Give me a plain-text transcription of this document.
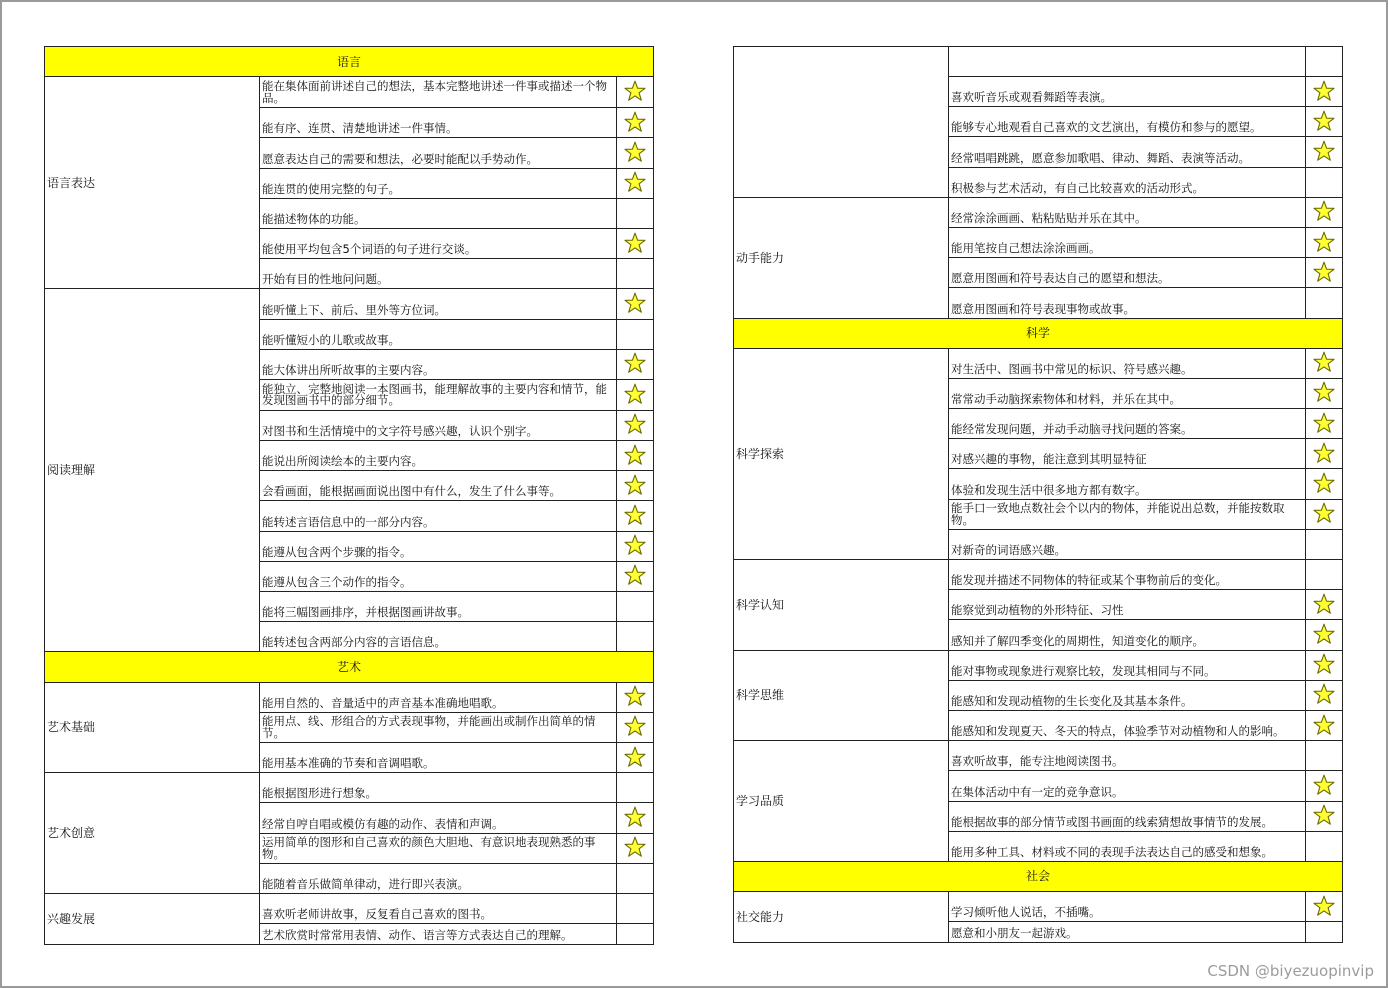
语言		
语言表达	能在集体面前讲述自己的想法，基本完整地讲述一件事或描述一个物品。	

	能有序、连贯、清楚地讲述一件事情。	

	愿意表达自己的需要和想法，必要时能配以手势动作。	

	能连贯的使用完整的句子。	

	能描述物体的功能。	
	能使用平均包含5个词语的句子进行交谈。	

	开始有目的性地问问题。	
阅读理解	能听懂上下、前后、里外等方位词。	

	能听懂短小的儿歌或故事。	
	能大体讲出所听故事的主要内容。	

	能独立、完整地阅读一本图画书，能理解故事的主要内容和情节，能发现图画书中的部分细节。	

	对图书和生活情境中的文字符号感兴趣，认识个别字。	

	能说出所阅读绘本的主要内容。	

	会看画面，能根据画面说出图中有什么，发生了什么事等。	

	能转述言语信息中的一部分内容。	

	能遵从包含两个步骤的指令。	

	能遵从包含三个动作的指令。	

	能将三幅图画排序，并根据图画讲故事。	
	能转述包含两部分内容的言语信息。	
艺术		
艺术基础	能用自然的、音量适中的声音基本准确地唱歌。	

	能用点、线、形组合的方式表现事物，并能画出或制作出简单的情节。	

	能用基本准确的节奏和音调唱歌。	

艺术创意	能根据图形进行想象。	
	经常自哼自唱或模仿有趣的动作、表情和声调。	

	运用简单的图形和自己喜欢的颜色大胆地、有意识地表现熟悉的事物。	

	能随着音乐做简单律动，进行即兴表演。	
兴趣发展	喜欢听老师讲故事，反复看自己喜欢的图书。	
	艺术欣赏时常常用表情、动作、语言等方式表达自己的理解。	

	喜欢听音乐或观看舞蹈等表演。	

	能够专心地观看自己喜欢的文艺演出，有模仿和参与的愿望。	

	经常唱唱跳跳，愿意参加歌唱、律动、舞蹈、表演等活动。	

	积极参与艺术活动，有自己比较喜欢的活动形式。	
动手能力	经常涂涂画画、粘粘贴贴并乐在其中。	

	能用笔按自己想法涂涂画画。	

	愿意用图画和符号表达自己的愿望和想法。	

	愿意用图画和符号表现事物或故事。	
科学		
科学探索	对生活中、图画书中常见的标识、符号感兴趣。	

	常常动手动脑探索物体和材料，并乐在其中。	

	能经常发现问题，并动手动脑寻找问题的答案。	

	对感兴趣的事物，能注意到其明显特征	

	体验和发现生活中很多地方都有数字。	

	能手口一致地点数社会个以内的物体，并能说出总数，并能按数取物。	

	对新奇的词语感兴趣。	
科学认知	能发现并描述不同物体的特征或某个事物前后的变化。	
	能察觉到动植物的外形特征、习性	

	感知并了解四季变化的周期性，知道变化的顺序。	

科学思维	能对事物或现象进行观察比较，发现其相同与不同。	

	能感知和发现动植物的生长变化及其基本条件。	

	能感知和发现夏天、冬天的特点，体验季节对动植物和人的影响。	

学习品质	喜欢听故事，能专注地阅读图书。	
	在集体活动中有一定的竞争意识。	

	能根据故事的部分情节或图书画面的线索猜想故事情节的发展。	

	能用多种工具、材料或不同的表现手法表达自己的感受和想象。	
社会		
社交能力	学习倾听他人说话，不插嘴。	

	愿意和小朋友一起游戏。	
CSDN @biyezuopinvip
